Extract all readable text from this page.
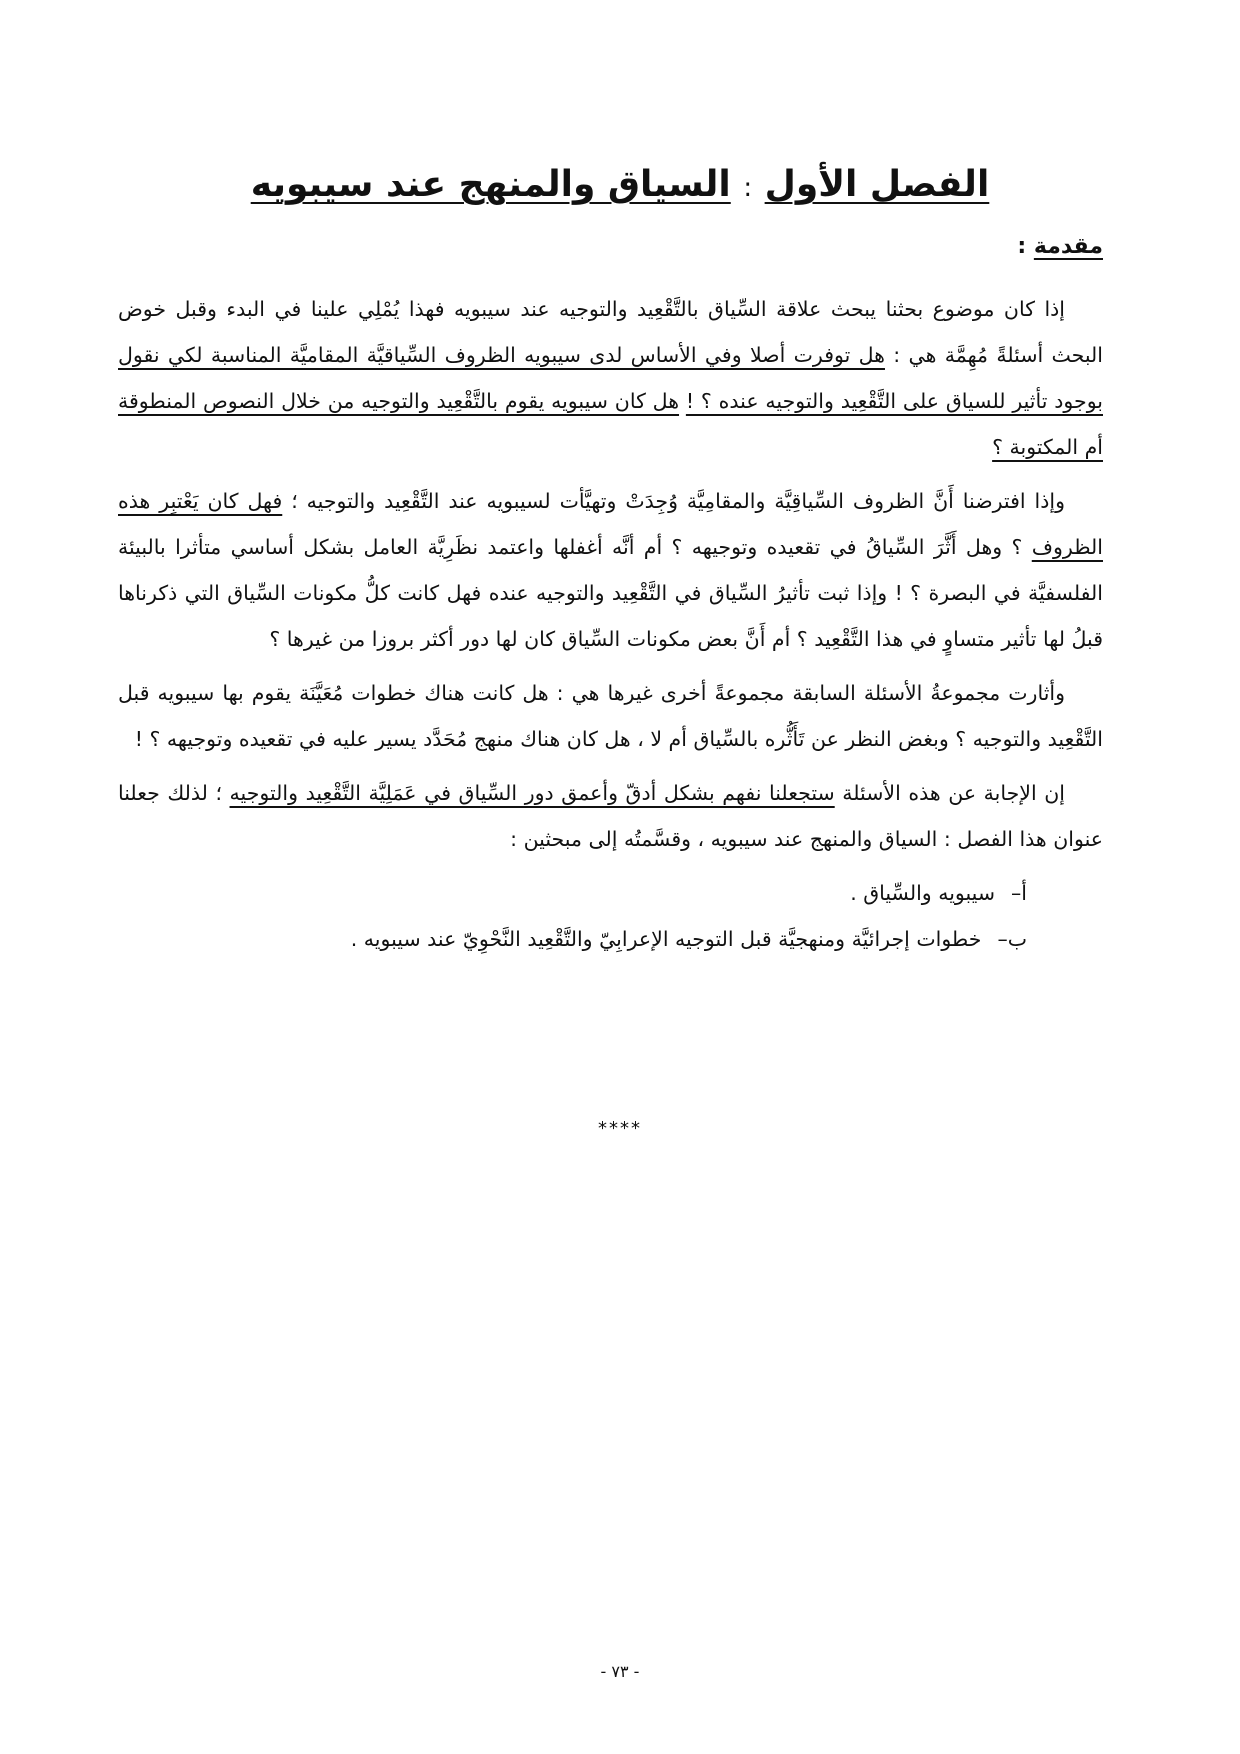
الفصل الأول : السياق والمنهج عند سيبويه
مقدمة :

إذا كان موضوع بحثنا يبحث علاقة السِّياق بالتَّقْعِيد والتوجيه عند سيبويه فهذا يُمْلِي علينا في البدء وقبل خوض البحث أسئلةً مُهِمَّة هي : هل توفرت أصلا وفي الأساس لدى سيبويه الظروف السِّياقيَّة المقاميَّة المناسبة لكي نقول بوجود تأثير للسياق على التَّقْعِيد والتوجيه عنده ؟ ! هل كان سيبويه يقوم بالتَّقْعِيد والتوجيه من خلال النصوص المنطوقة أم المكتوبة ؟

وإذا افترضنا أَنَّ الظروف السِّياقِيَّة والمقامِيَّة وُجِدَتْ وتهيَّأت لسيبويه عند التَّقْعِيد والتوجيه ؛ فهل كان يَعْتبِر هذه الظروف ؟ وهل أَثَّرَ السِّياقُ في تقعيده وتوجيهه ؟ أم أنَّه أغفلها واعتمد نظَرِيَّة العامل بشكل أساسي متأثرا بالبيئة الفلسفيَّة في البصرة ؟ ! وإذا ثبت تأثيرُ السِّياق في التَّقْعِيد والتوجيه عنده فهل كانت كلُّ مكونات السِّياق التي ذكرناها قبلُ لها تأثير متساوٍ في هذا التَّقْعِيد ؟ أم أَنَّ بعض مكونات السِّياق كان لها دور أكثر بروزا من غيرها ؟

وأثارت مجموعةُ الأسئلة السابقة مجموعةً أخرى غيرها هي : هل كانت هناك خطوات مُعَيَّنَة يقوم بها سيبويه قبل التَّقْعِيد والتوجيه ؟ وبغض النظر عن تَأَثُّره بالسِّياق أم لا ، هل كان هناك منهج مُحَدَّد يسير عليه في تقعيده وتوجيهه ؟ !

إن الإجابة عن هذه الأسئلة ستجعلنا نفهم بشكل أدقّ وأعمق دور السِّياق في عَمَلِيَّة التَّقْعِيد والتوجيه ؛ لذلك جعلنا عنوان هذا الفصل : السياق والمنهج عند سيبويه ، وقسَّمتُه إلى مبحثين :

أ–سيبويه والسِّياق .
ب–خطوات إجرائيَّة ومنهجيَّة قبل التوجيه الإعرابِيّ والتَّقْعِيد النَّحْوِيّ عند سيبويه .
****
- ٧٣ -
